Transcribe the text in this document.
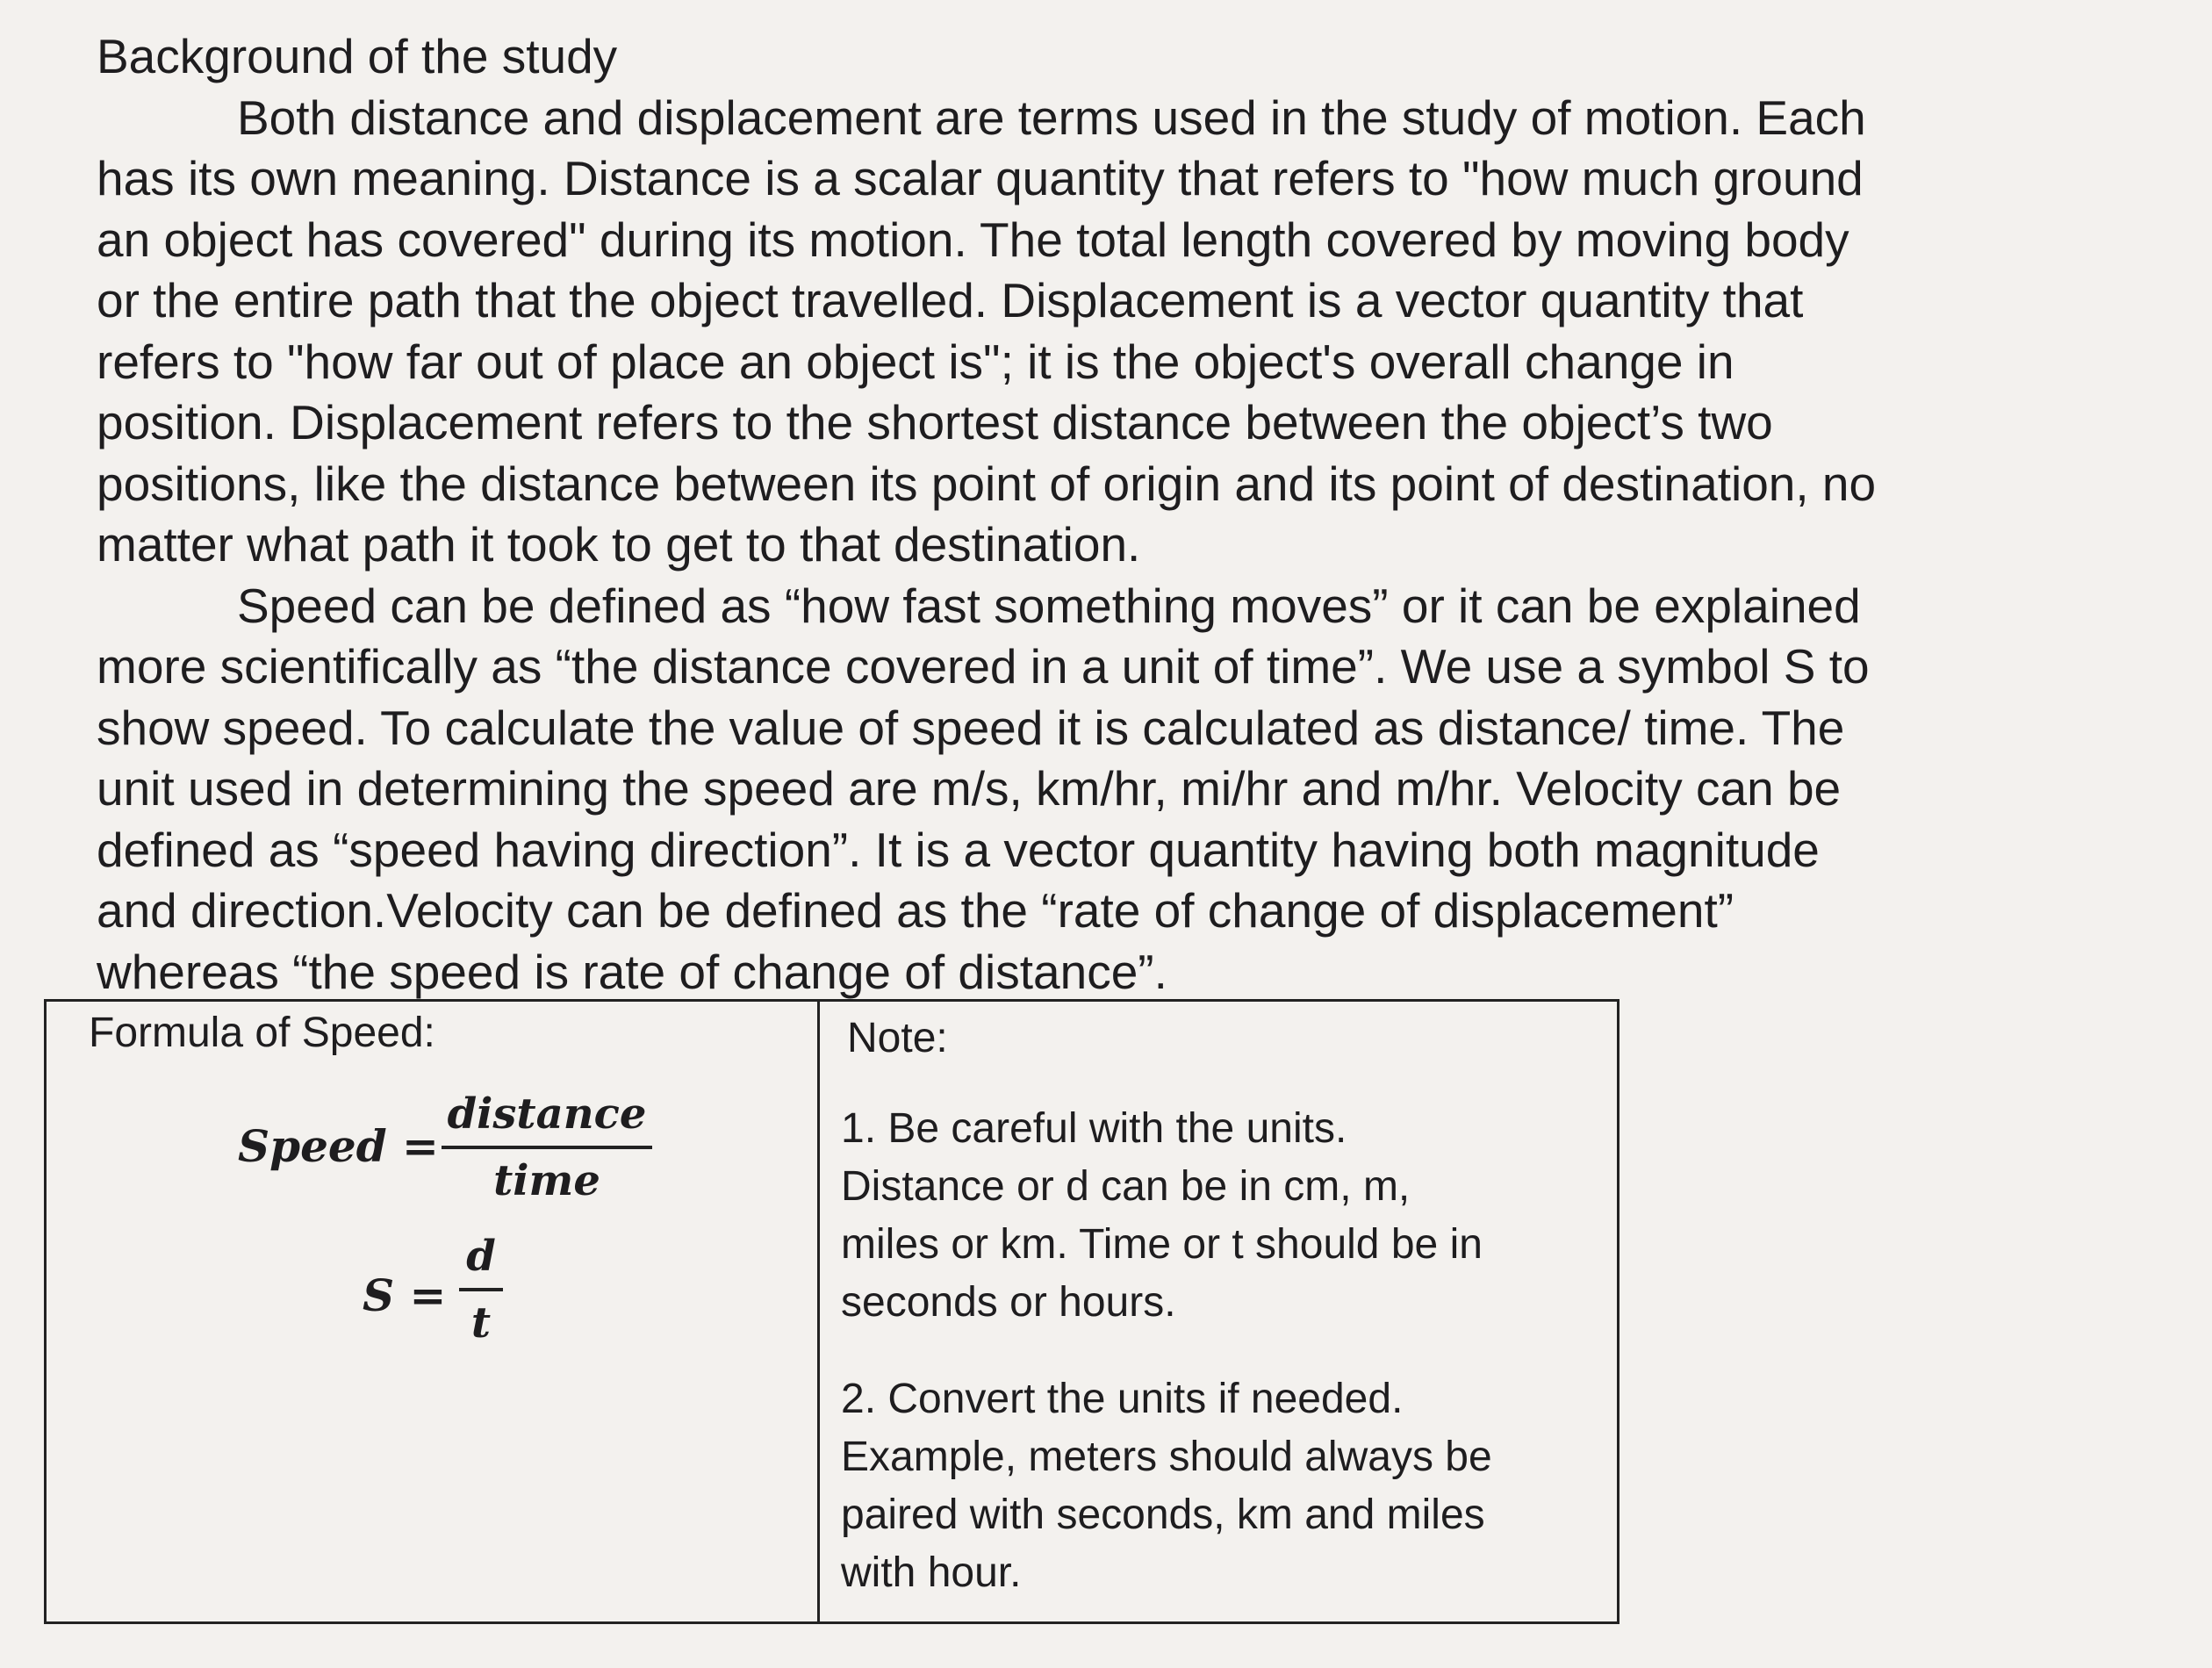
Background of the study
Both distance and displacement are terms used in the study of motion. Each
has its own meaning. Distance is a scalar quantity that refers to "how much ground
an object has covered" during its motion. The total length covered by moving body
or the entire path that the object travelled. Displacement is a vector quantity that
refers to "how far out of place an object is"; it is the object's overall change in
position. Displacement refers to the shortest distance between the object’s two
positions, like the distance between its point of origin and its point of destination, no
matter what path it took to get to that destination.
Speed can be defined as “how fast something moves” or it can be explained
more scientifically as “the distance covered in a unit of time”. We use a symbol S to
show speed. To calculate the value of speed it is calculated as distance/ time. The
unit used in determining the speed are m/s, km/hr, mi/hr and m/hr. Velocity can be
defined as “speed having direction”. It is a vector quantity having both magnitude
and direction.Velocity can be defined as the “rate of change of displacement”
whereas “the speed is rate of change of distance”.
Formula of Speed:
Speed =
distance
time
S =
d
t
Note:
1. Be careful with the units.
Distance or d can be in cm, m,
miles or km. Time or t should be in
seconds or hours.
2. Convert the units if needed.
Example, meters should always be
paired with seconds, km and miles
with hour.
